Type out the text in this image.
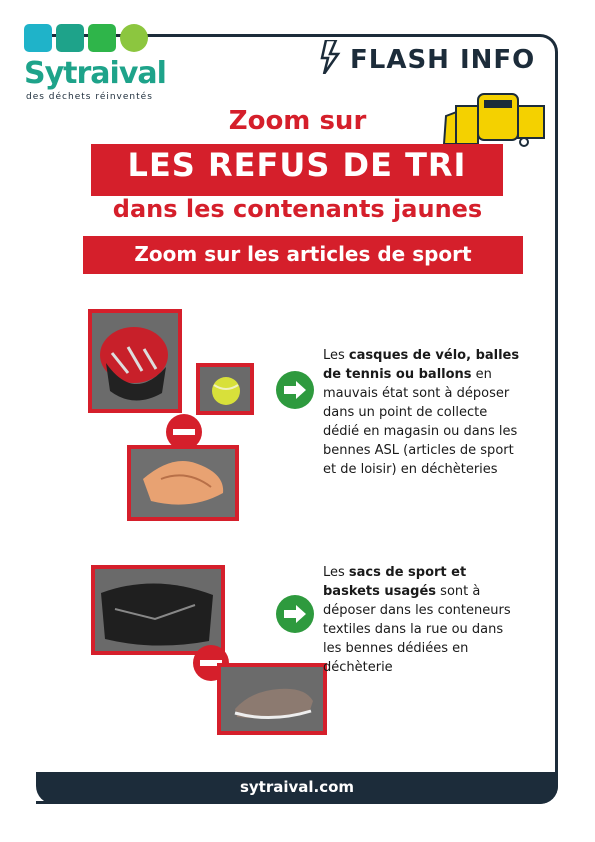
Sytraival
des déchets réinventés
FLASH INFO
Zoom sur
LES REFUS DE TRI
dans les contenants jaunes
Zoom sur les articles de sport
Les casques de vélo, balles de tennis ou ballons en mauvais état sont à déposer dans un point de collecte dédié en magasin ou dans les bennes ASL (articles de sport et de loisir) en déchèteries
Les sacs de sport et baskets usagés sont à déposer dans les conteneurs textiles dans la rue ou dans les bennes dédiées en déchèterie
sytraival.com
